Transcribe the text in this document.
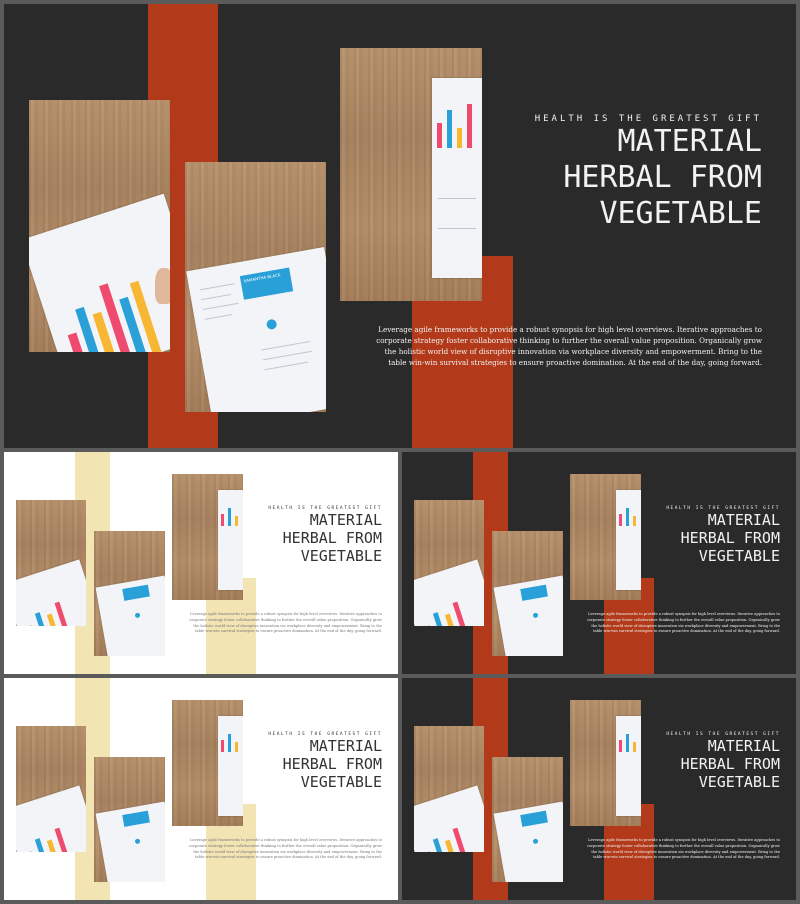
SAMANTHA BLACK
HEALTH IS THE GREATEST GIFT
MATERIAL
HERBAL FROM
VEGETABLE
Leverage agile frameworks to provide a robust synopsis for high level overviews. Iterative approaches to corporate strategy foster collaborative thinking to further the overall value proposition. Organically grow the holistic world view of disruptive innovation via workplace diversity and empowerment. Bring to the table win-win survival strategies to ensure proactive domination. At the end of the day, going forward.
HEALTH IS THE GREATEST GIFT
MATERIAL
HERBAL FROM
VEGETABLE
Leverage agile frameworks to provide a robust synopsis for high level overviews. Iterative approaches to corporate strategy foster collaborative thinking to further the overall value proposition. Organically grow the holistic world view of disruptive innovation via workplace diversity and empowerment. Bring to the table win-win survival strategies to ensure proactive domination. At the end of the day, going forward.
HEALTH IS THE GREATEST GIFT
MATERIAL
HERBAL FROM
VEGETABLE
Leverage agile frameworks to provide a robust synopsis for high level overviews. Iterative approaches to corporate strategy foster collaborative thinking to further the overall value proposition. Organically grow the holistic world view of disruptive innovation via workplace diversity and empowerment. Bring to the table win-win survival strategies to ensure proactive domination. At the end of the day, going forward.
HEALTH IS THE GREATEST GIFT
MATERIAL
HERBAL FROM
VEGETABLE
Leverage agile frameworks to provide a robust synopsis for high level overviews. Iterative approaches to corporate strategy foster collaborative thinking to further the overall value proposition. Organically grow the holistic world view of disruptive innovation via workplace diversity and empowerment. Bring to the table win-win survival strategies to ensure proactive domination. At the end of the day, going forward.
HEALTH IS THE GREATEST GIFT
MATERIAL
HERBAL FROM
VEGETABLE
Leverage agile frameworks to provide a robust synopsis for high level overviews. Iterative approaches to corporate strategy foster collaborative thinking to further the overall value proposition. Organically grow the holistic world view of disruptive innovation via workplace diversity and empowerment. Bring to the table win-win survival strategies to ensure proactive domination. At the end of the day, going forward.
